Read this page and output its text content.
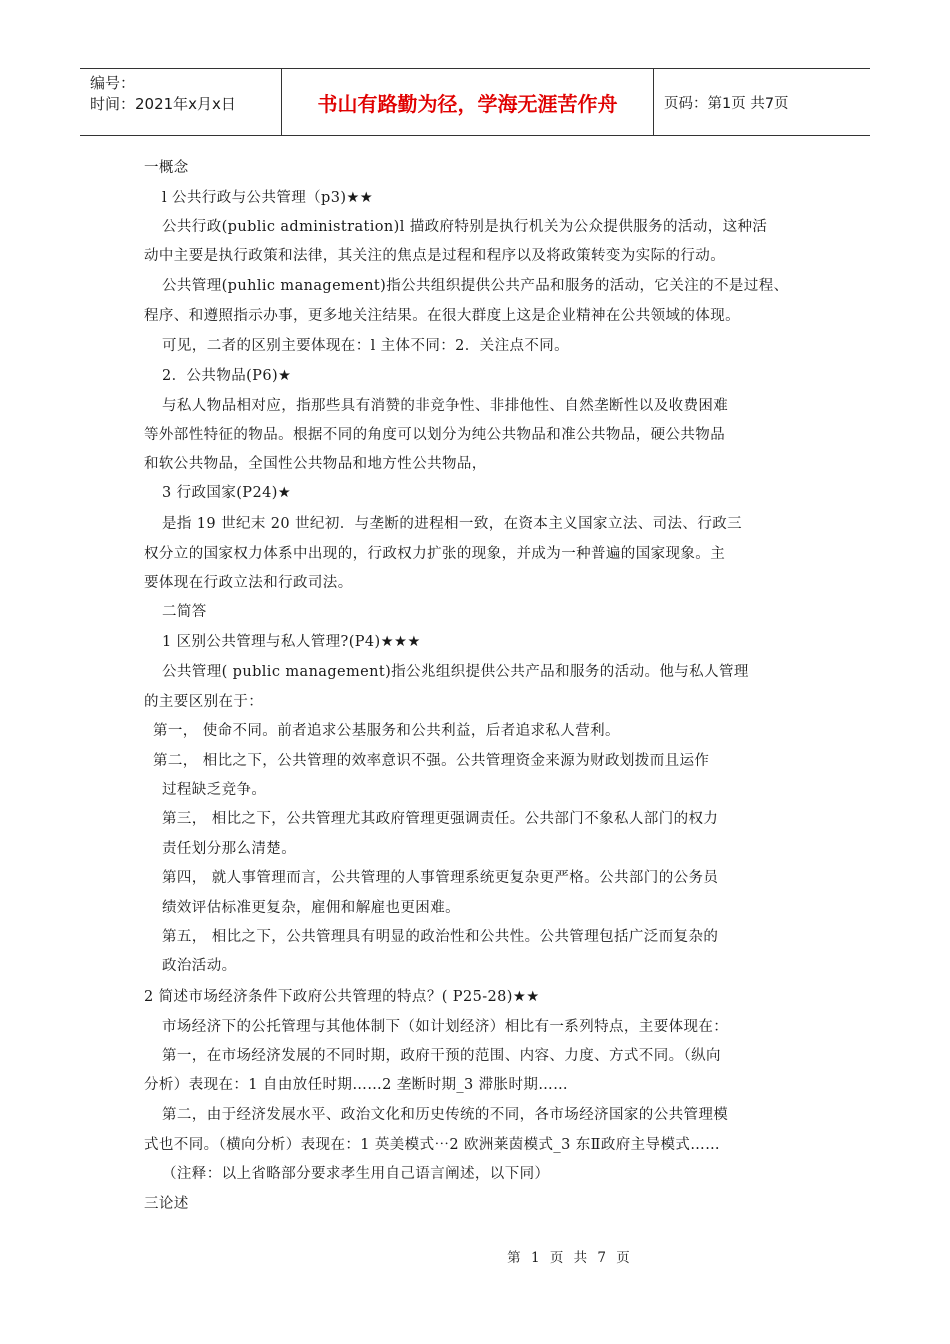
编号：
时间：2021年x月x日	书山有路勤为径，学海无涯苦作舟	页码：第1页 共7页
一概念
l 公共行政与公共管理（p3)★★
公共行政(public administration)l 描政府特别是执行机关为公众提供服务的活动，这种活
动中主要是执行政策和法律，其关注的焦点是过程和程序以及将政策转变为实际的行动。
公共管理(puhlic management)指公共组织提供公共产品和服务的活动，它关注的不是过程、
程序、和遵照指示办事，更多地关注结果。在很大群度上这是企业精神在公共领域的体现。
可见，二者的区别主要体现在：l 主体不同：2．关注点不同。
2．公共物品(P6)★
与私人物品相对应，指那些具有消赞的非竞争性、非排他性、自然垄断性以及收费困难
等外部性特征的物品。根据不同的角度可以划分为纯公共物品和准公共物品，硬公共物品
和软公共物品，全国性公共物品和地方性公共物品，
3 行政国家(P24)★
是指 19 世纪末 20 世纪初．与垄断的进程相一致，在资本主义国家立法、司法、行政三
权分立的国家权力体系中出现的，行政权力扩张的现象，并成为一种普遍的国家现象。主
要体现在行政立法和行政司法。
二简答
1 区别公共管理与私人管理?(P4)★★★
公共管理( public management)指公兆组织提供公共产品和服务的活动。他与私人管理
的主要区别在于：
第一， 使命不同。前者追求公基服务和公共利益，后者追求私人营利。
第二， 相比之下，公共管理的效率意识不强。公共管理资金来源为财政划拨而且运作
过程缺乏竞争。
第三， 相比之下，公共管理尤其政府管理更强调责任。公共部门不象私人部门的权力
责任划分那么清楚。
第四， 就人事管理而言，公共管理的人事管理系统更复杂更严格。公共部门的公务员
绩效评估标准更复杂，雇佣和解雇也更困难。
第五， 相比之下，公共管理具有明显的政治性和公共性。公共管理包括广泛而复杂的
政治活动。
2 简述市场经济条件下政府公共管理的特点？( P25-28)★★
市场经济下的公托管理与其他体制下（如计划经济）相比有一系列特点，主要体现在：
第一，在市场经济发展的不同时期，政府干预的范围、内容、力度、方式不同。（纵向
分析）表现在：1 自由放任时期……2 垄断时期_3 滞胀时期……
第二，由于经济发展水平、政治文化和历史传统的不同，各市场经济国家的公共管理模
式也不同。（横向分析）表现在：1 英美模式⋯2 欧洲莱茵模式_3 东Ⅱ政府主导模式……
（注释：以上省略部分要求孝生用自己语言阐述，以下同）
三论述
第 1 页 共 7 页
